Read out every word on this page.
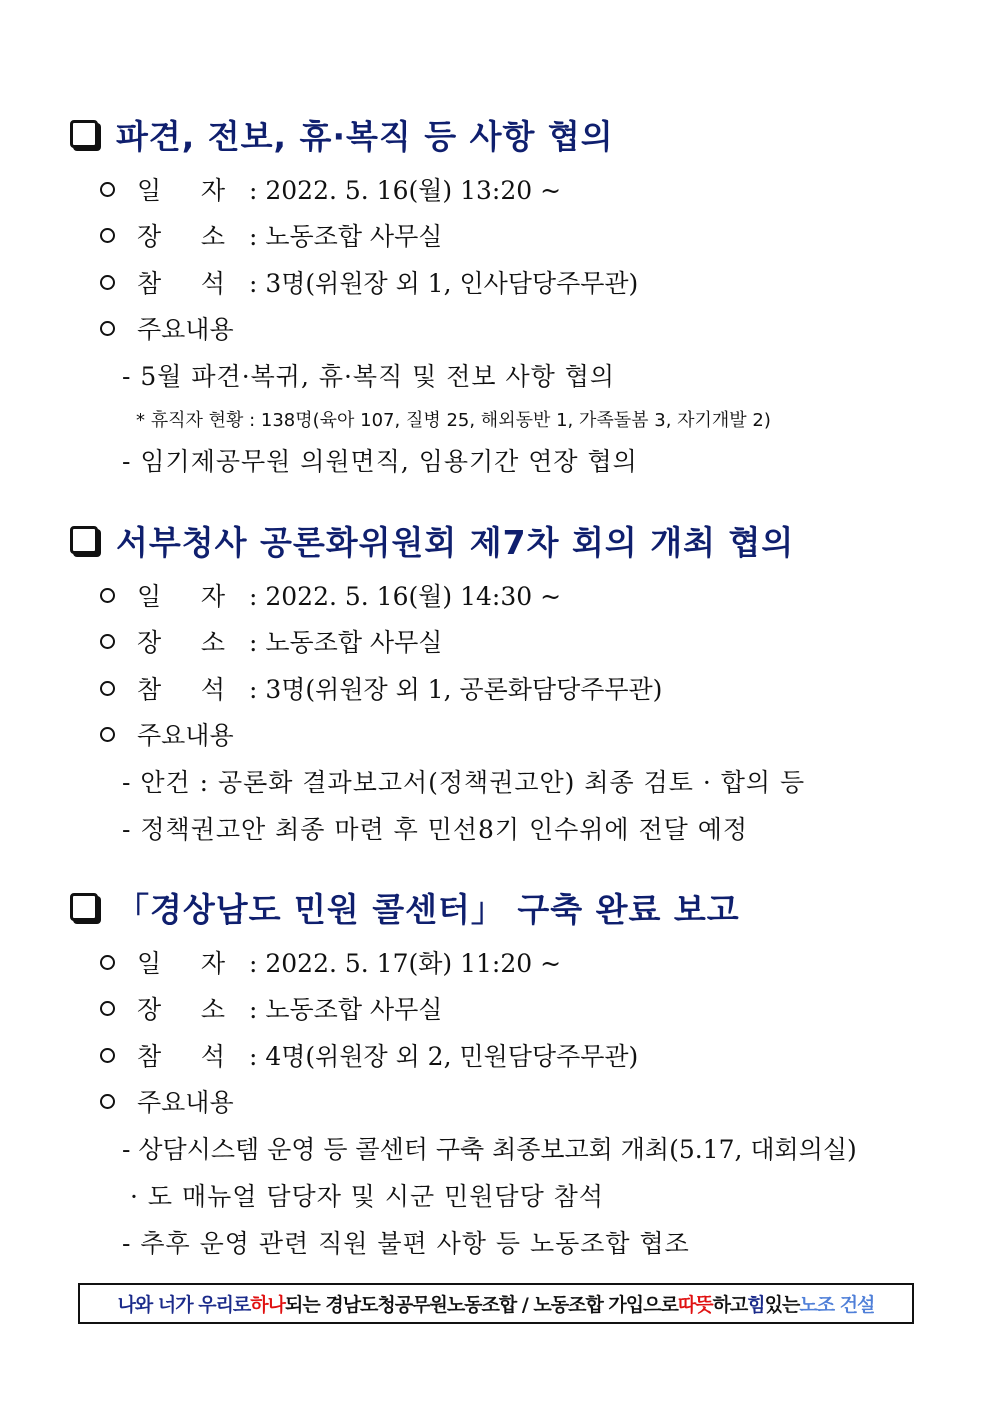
파견, 전보, 휴·복직 등 사항 협의
일     자 : 2022. 5. 16(월) 13:20 ~
장     소 : 노동조합 사무실
참     석 : 3명(위원장 외 1, 인사담당주무관)
주요내용
- 5월 파견·복귀, 휴·복직 및 전보 사항 협의
* 휴직자 현황 : 138명(육아 107, 질병 25, 해외동반 1, 가족돌봄 3, 자기개발 2)
- 임기제공무원 의원면직, 임용기간 연장 협의
서부청사 공론화위원회 제7차 회의 개최 협의
일     자 : 2022. 5. 16(월) 14:30 ~
장     소 : 노동조합 사무실
참     석 : 3명(위원장 외 1, 공론화담당주무관)
주요내용
- 안건 : 공론화 결과보고서(정책권고안) 최종 검토 · 합의 등
- 정책권고안 최종 마련 후 민선8기 인수위에 전달 예정
「경상남도 민원 콜센터」 구축 완료 보고
일     자 : 2022. 5. 17(화) 11:20 ~
장     소 : 노동조합 사무실
참     석 : 4명(위원장 외 2, 민원담당주무관)
주요내용
- 상담시스템 운영 등 콜센터 구축 최종보고회 개최(5.17, 대회의실)
· 도 매뉴얼 담당자 및 시군 민원담당 참석
- 추후 운영 관련 직원 불편 사항 등 노동조합 협조
나와 너가 우리로 하나 되는 경남도청공무원노동조합 / 노동조합 가입으로 따뜻 하고 힘 있는 노조 건설
